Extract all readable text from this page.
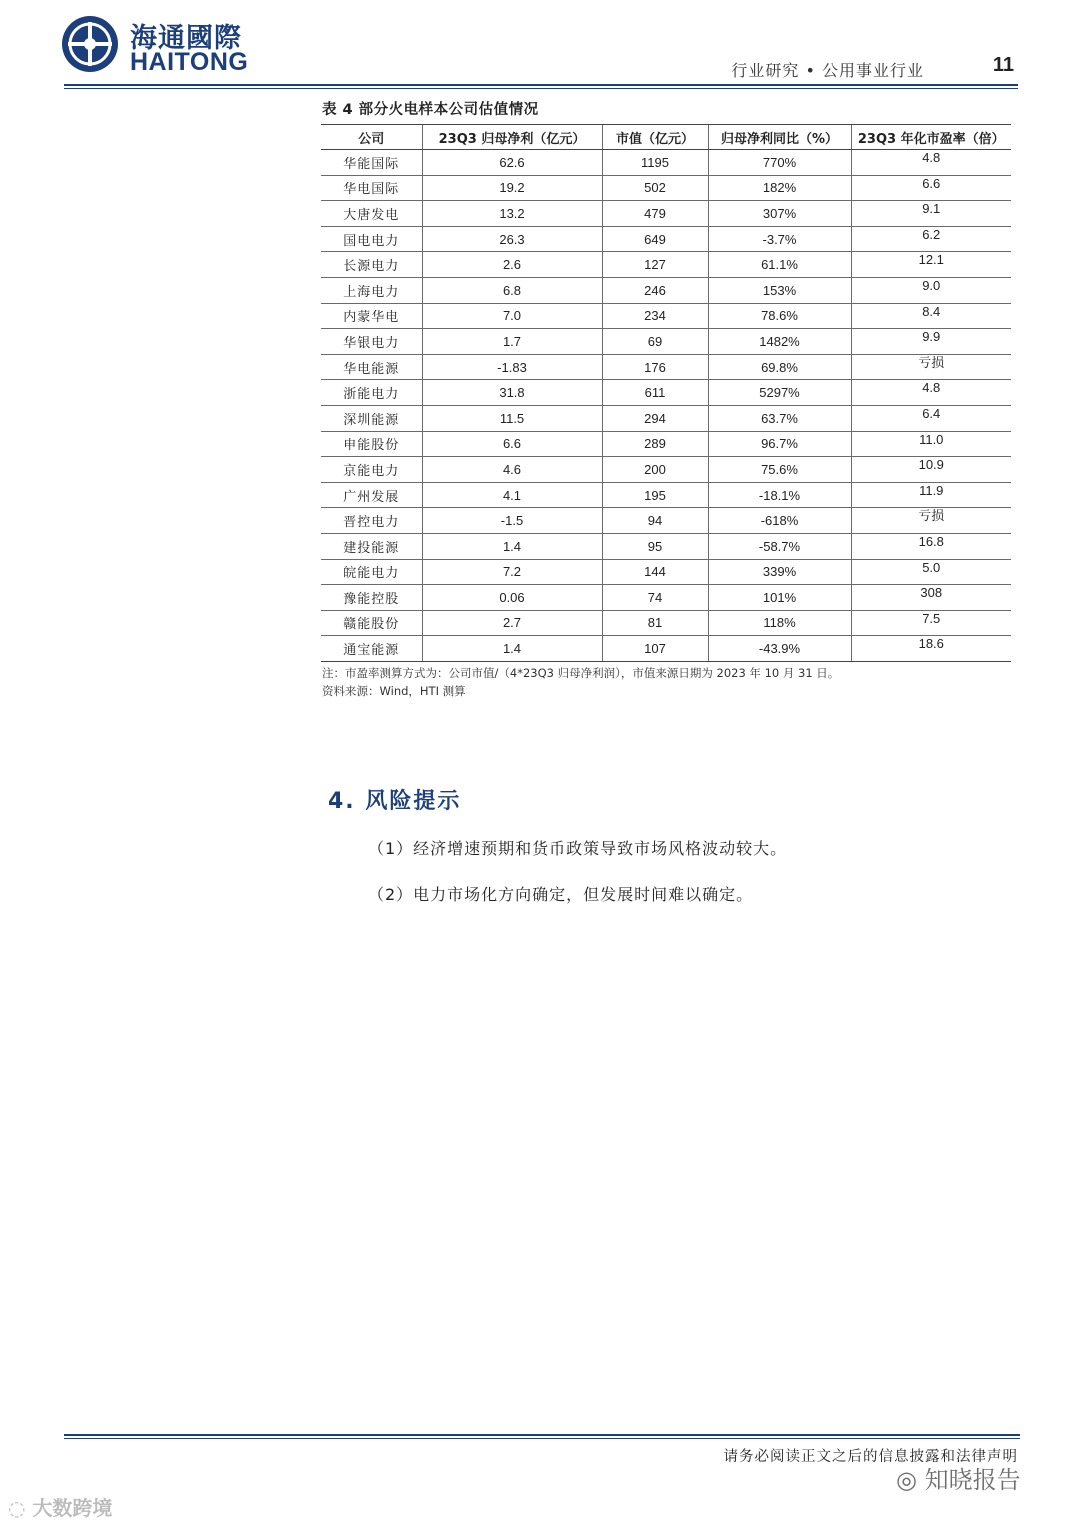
海通國際
HAITONG	行业研究 • 公用事业行业	11
表 4 部分火电样本公司估值情况
公司	23Q3 归母净利（亿元）	市值（亿元）	归母净利同比（%）	23Q3 年化市盈率（倍）
华能国际	62.6	1195	770%	4.8
华电国际	19.2	502	182%	6.6
大唐发电	13.2	479	307%	9.1
国电电力	26.3	649	-3.7%	6.2
长源电力	2.6	127	61.1%	12.1
上海电力	6.8	246	153%	9.0
内蒙华电	7.0	234	78.6%	8.4
华银电力	1.7	69	1482%	9.9
华电能源	-1.83	176	69.8%	亏损
浙能电力	31.8	611	5297%	4.8
深圳能源	11.5	294	63.7%	6.4
申能股份	6.6	289	96.7%	11.0
京能电力	4.6	200	75.6%	10.9
广州发展	4.1	195	-18.1%	11.9
晋控电力	-1.5	94	-618%	亏损
建投能源	1.4	95	-58.7%	16.8
皖能电力	7.2	144	339%	5.0
豫能控股	0.06	74	101%	308
赣能股份	2.7	81	118%	7.5
通宝能源	1.4	107	-43.9%	18.6
注：市盈率测算方式为：公司市值/（4*23Q3 归母净利润），市值来源日期为 2023 年 10 月 31 日。
资料来源：Wind，HTI 测算
4. 风险提示
（1）经济增速预期和货币政策导致市场风格波动较大。
（2）电力市场化方向确定，但发展时间难以确定。
请务必阅读正文之后的信息披露和法律声明
◎ 知晓报告
◌ 大数跨境
